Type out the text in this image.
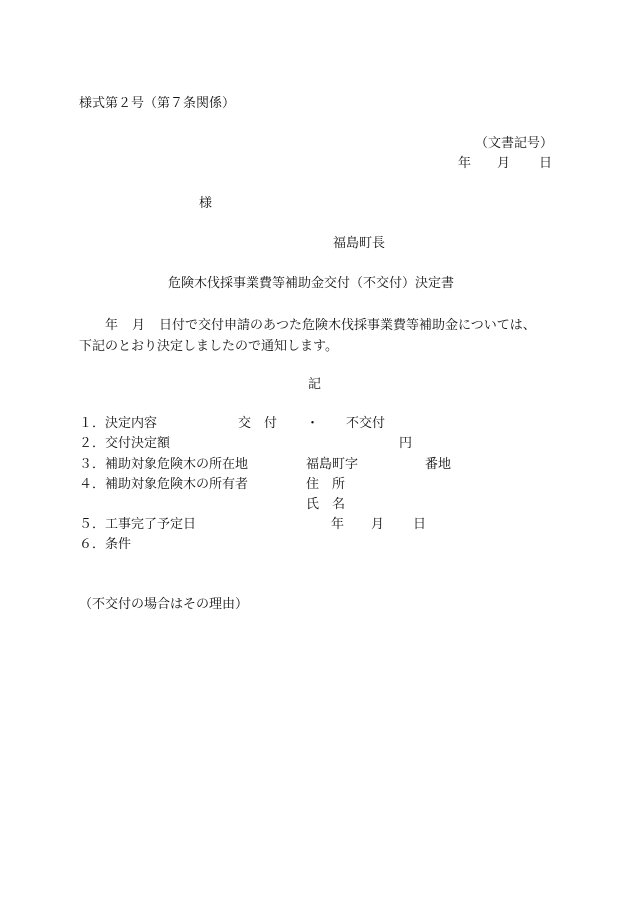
様式第２号（第７条関係）
（文書記号）
年 月 日
様
福島町長
危険木伐採事業費等補助金交付（不交付）決定書
年 月 日付で交付申請のあつた危険木伐採事業費等補助金については、
下記のとおり決定しましたので通知します。
記
１．決定内容	交　付 ・ 不交付
２．交付決定額	円
３．補助対象危険木の所在地	福島町字	番地
４．補助対象危険木の所有者	住　所
氏　名
５．工事完了予定日	年 月 日
６．条件
（不交付の場合はその理由）
